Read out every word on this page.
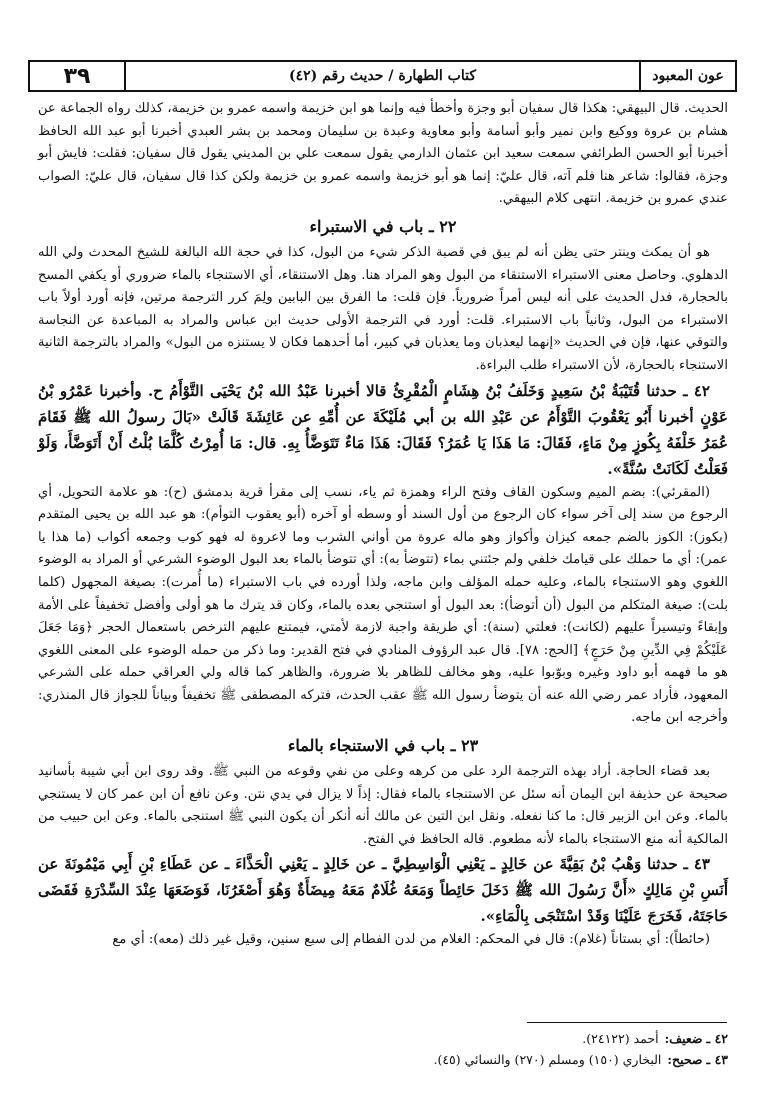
عون المعبود
كتاب الطهارة / حديث رقم (٤٢)
٣٩

الحديث. قال البيهقي: هكذا قال سفيان أبو وجزة وأخطأ فيه وإنما هو ابن خزيمة واسمه عمرو بن خزيمة، كذلك رواه الجماعة عن هشام بن عروة ووكيع وابن نمير وأبو أسامة وأبو معاوية وعبدة بن سليمان ومحمد بن بشر العبدي أخبرنا أبو عبد الله الحافظ أخبرنا أبو الحسن الطرائفي سمعت سعيد ابن عثمان الدارمي يقول سمعت علي بن المديني يقول قال سفيان: فقلت: فايش أبو وجزة، فقالوا: شاعر هنا فلم آته، قال عليّ: إنما هو أبو خزيمة واسمه عمرو بن خزيمة ولكن كذا قال سفيان، قال عليّ: الصواب عندي عمرو بن خزيمة. انتهى كلام البيهقي.

٢٢ ـ باب في الاستبراء

هو أن يمكث وينتر حتى يظن أنه لم يبق في قصبة الذكر شيء من البول، كذا في حجة الله البالغة للشيخ المحدث ولي الله الدهلوي. وحاصل معنى الاستبراء الاستنقاء من البول وهو المراد هنا. وهل الاستنقاء، أي الاستنجاء بالماء ضروري أو يكفي المسح بالحجارة، فدل الحديث على أنه ليس أمراً ضرورياً. فإن قلت: ما الفرق بين البابين ولِمَ كرر الترجمة مرتين، فإنه أورد أولاً باب الاستبراء من البول، وثانياً باب الاستبراء. قلت: أورد في الترجمة الأولى حديث ابن عباس والمراد به المباعدة عن النجاسة والتوقي عنها، فإن في الحديث «إنهما ليعذبان وما يعذبان في كبير، أما أحدهما فكان لا يستنزه من البول» والمراد بالترجمة الثانية الاستنجاء بالحجارة، لأن الاستبراء طلب البراءة.

٤٢ ـ حدثنا قُتَيْبَةُ بْنُ سَعِيدٍ وَخَلَفُ بْنُ هِشَامٍ الْمُقْرِئُ قالا أخبرنا عَبْدُ الله بْنُ يَحْيَى التَّوْأَمُ ح. وأخبرنا عَمْرُو بْنُ عَوْنٍ أخبرنا أَبُو يَعْقُوبَ التَّوْأَمُ عن عَبْدِ الله بن أبي مُلَيْكَةَ عن أُمِّهِ عن عَائِشَةَ قَالَتْ «بَالَ رسولُ الله ﷺ فَقَامَ عُمَرُ خَلْفَهُ بِكُوزٍ مِنْ مَاءٍ، فَقَالَ: مَا هَذَا يَا عُمَرُ؟ فَقَالَ: هَذَا مَاءٌ تَتَوَضَّأُ بِهِ. قال: مَا أُمِرْتُ كُلَّمَا بُلْتُ أَنْ أَتَوَضَّأَ، وَلَوْ فَعَلْتُ لَكَانَتْ سُنَّةً».

(المقرئي): بضم الميم وسكون القاف وفتح الراء وهمزة ثم ياء، نسب إلى مقرأ قرية بدمشق (ح): هو علامة التحويل، أي الرجوع من سند إلى آخر سواء كان الرجوع من أول السند أو وسطه أو آخره (أبو يعقوب التوأم): هو عبد الله بن يحيى المتقدم (بكوز): الكوز بالضم جمعه كيزان وأكواز وهو ماله عروة من أواني الشرب وما لاعروة له فهو كوب وجمعه أكواب (ما هذا يا عمر): أي ما حملك على قيامك خلفي ولم جئتني بماء (تتوضأ به): أي تتوضأ بالماء بعد البول الوضوء الشرعي أو المراد به الوضوء اللغوي وهو الاستنجاء بالماء، وعليه حمله المؤلف وابن ماجه، ولذا أورده في باب الاستبراء (ما أُمرت): بصيغة المجهول (كلما بلت): صيغة المتكلم من البول (أن أتوضأ): بعد البول أو استنجي بعده بالماء، وكان قد يترك ما هو أولى وأفضل تخفيفاً على الأمة وإبقاءً وتيسيراً عليهم (لكانت): فعلتي (سنة): أي طريقة واجبة لازمة لأمتي، فيمتنع عليهم الترخص باستعمال الحجر ﴿وَمَا جَعَلَ عَلَيْكُمْ فِي الدِّينِ مِنْ حَرَجٍ﴾ [الحج: ٧٨]. قال عبد الرؤوف المنادي في فتح القدير: وما ذكر من حمله الوضوء على المعنى اللغوي هو ما فهمه أبو داود وغيره وبوّبوا عليه، وهو مخالف للظاهر بلا ضرورة، والظاهر كما قاله ولي العراقي حمله على الشرعي المعهود، فأراد عمر رضي الله عنه أن يتوضأ رسول الله ﷺ عقب الحدث، فتركه المصطفى ﷺ تخفيفاً وبياناً للجواز قال المنذري: وأخرجه ابن ماجه.

٢٣ ـ باب في الاستنجاء بالماء

بعد قضاء الحاجة. أراد بهذه الترجمة الرد على من كرهه وعلى من نفي وقوعه من النبي ﷺ. وقد روى ابن أبي شيبة بأسانيد صحيحة عن حذيفة ابن اليمان أنه سئل عن الاستنجاء بالماء فقال: إذاً لا يزال في يدي نتن. وعن نافع أن ابن عمر كان لا يستنجي بالماء. وعن ابن الزبير قال: ما كنا نفعله. ونقل ابن التين عن مالك أنه أنكر أن يكون النبي ﷺ استنجى بالماء. وعن ابن حبيب من المالكية أنه منع الاستنجاء بالماء لأنه مطعوم. قاله الحافظ في الفتح.

٤٣ ـ حدثنا وَهْبُ بْنُ بَقِيَّةَ عن خَالِدٍ ـ يَعْنِي الْوَاسِطِيَّ ـ عن خَالِدٍ ـ يَعْنِي الْحَذَّاءَ ـ عن عَطَاءِ بْنِ أَبِي مَيْمُونَةَ عن أَنَسِ بْنِ مَالِكٍ «أَنَّ رَسُولَ الله ﷺ دَخَلَ حَائِطاً وَمَعَهُ غُلَامٌ مَعَهُ مِيضَأَةٌ وَهُوَ أَصْغَرُنَا، فَوَضَعَهَا عِنْدَ السِّدْرَةِ فَقَضَى حَاجَتَهُ، فَخَرَجَ عَلَيْنَا وَقَدْ اسْتَنْجَى بِالْمَاءِ».

(حائطاً): أي بستاناً (غلام): قال في المحكم: الغلام من لدن الفطام إلى سبع سنين، وقيل غير ذلك (معه): أي مع

٤٢ ـ
ضعيف:
أحمد (٢٤١٢٢).
٤٣ ـ
صحيح:
البخاري (١٥٠) ومسلم (٢٧٠) والنسائي (٤٥).
